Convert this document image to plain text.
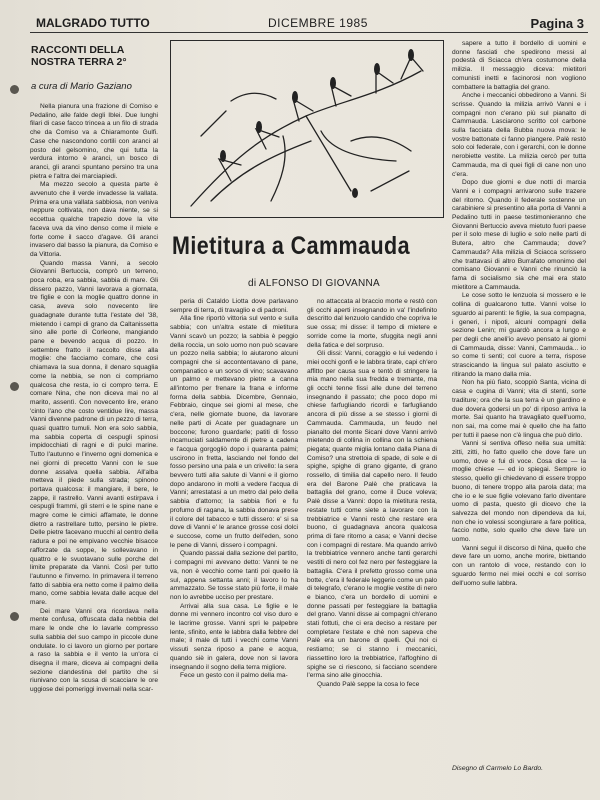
MALGRADO TUTTO	DICEMBRE 1985	Pagina 3
RACCONTI DELLA
NOSTRA TERRA 2°
a cura di Mario Gaziano
Mietitura a Cammauda
di ALFONSO DI GIOVANNA

Nella pianura una frazione di Comiso e Pedalino, alle falde degli Iblei. Due lunghi filari di case facco trincea a un filo di strada che da Comiso va a Chiaramonte Gulfi. Case che nascondono cortili con aranci al posto del gelsomino, che qui tutta la verdura intorno è aranci, un bosco di aranci, gli aranci spuntano persino tra una pietra e l'altra dei marciapiedi.

Ma mezzo secolo a questa parte è avvenuto che il verde invadesse la vallata. Prima era una vallata sabbiosa, non veniva neppure coltivata, non dava niente, se si eccettua qualche trapezio dove la vite faceva uva da vino denso come il miele e forte come il sacco d'agave. Gli aranci invasero dal basso la pianura, da Comiso e da Vittoria.

Quando massa Vanni, a secolo Giovanni Bertuccia, comprò un terreno, poca roba, era sabbia, sabbia di mare. Gli dissero pazzo, Vanni lavorava a giornata, tre figlie e con la moglie quattro donne in casa, aveva solo novecento lire guadagnate durante tutta l'estate del '38, mietendo i campi di grano da Caltanissetta sino alle porte di Corleone, mangiando pane e bevendo acqua di pozzo. In settembre fratto il raccolto disse alla moglie: che facciamo comare, che cosi chiamava la sua donna, il denaro squaglia come la nebbia, se non ci compriamo qualcosa che resta, io ci compro terra. E comare Nina, che non diceva mai no al marito, assentì. Con novecento lire, erano 'cinto l'ano che costo ventidue lire, massa Vanni divenne padrone di un pezzo di terra, quasi quattro tumuli. Non era solo sabbia, ma sabbia coperta di cespugli spinosi impidocchiati di ragni e di pulci marine. Tutto l'autunno e l'inverno ogni domenica e nei giorni di precetto Vanni con le sue donne assalva quella sabbia. All'alba metteva il piede sulla strada; spinono portava qualcosa: il mangiare, il bere, le zappe, il rastrello. Vanni avanti estirpava i cespugli frammi, gli sterri e le spine nane e magre come le cimici affamate, le donne dietro a rastrellare tutto, persino le pietre. Delle pietre facevano mucchi al centro della radura e poi ne empivano vecchie bisacce rafforzate da soppe, le sollevavano in quattro e le svuotavano sulle porche del limite preparate da Vanni. Così per tutto l'autunno e l'inverno. In primavera il terreno fatto di sabbia era netto come il palmo della mano, come sabbia levata dalle acque del mare.

Dei mare Vanni ora ricordava nella mente confusa, offuscata dalla nebbia del mare le onde che lo lavarle compresso sulla sabbia del suo campo in piccole dune ondulate. Io ci lavoro un giorno per portare a raso la sabbia e il vento la un'ora ci disegna il mare, diceva ai compagni della sezione clandestina del partito che si riunivano con la scusa di scacciare le ore uggiose dei pomeriggi invernali nella scar-

peria di Cataldo Liotta dove parlavano sempre di terra, di travaglio e di padroni.

Alla fine riportò vittoria sul vento e sulla sabbia; con un'altra estate di mietitura Vanni scavò un pozzo; la sabbia è peggio della roccia, un solo uomo non può scavare un pozzo nella sabbia; lo aiutarono alcuni compagni che si accontentavano di pane, companatico e un sorso di vino; scavavano un palmo e mettevano pietre a canna all'intorno per frenare la frana e informe forma della sabbia. Dicembre, Gennaio, Febbraio, cinque sei giorni al mese, che c'era, nelle giornate buone, da lavorare nelle parti di Acate per guadagnare un boccone; furono guardarle; patiti di fosso incamuciati saldamente di pietre a cadena e l'acqua gorgogliò dopo i quaranta palmi; uscirono in fretta, lasciando nel fondo del fosso persino una pala e un crivello: la sera bevvero tutti alla salute di Vanni e il giorno dopo andarono in molti a vedere l'acqua di Vanni; arrestatasi a un metro dal pelo della sabbia d'attorno; la sabbia fiori e fu profumo di ragana, la sabbia donava prese il colore del tabacco e tutti dissero: e' si sa dove di Vanni e' le arance grosse cosi dolci e succose, come un frutto dell'eden, sono le pene di Vanni, dissero i compagni.

Quando passai dalla sezione del partito, i compagni mi avevano detto: Vanni te ne va, non è vecchio come tanti poi quello là sul, appena settanta anni; il lavoro lo ha ammazzato. Se tosse stato più forte, il male non lo avrebbe ucciso per prestare.

Arrivai alla sua casa. Le figlie e le donne mi vennero incontro col viso duro e le lacrime grosse. Vanni spri le palpebre lente, sfinito, ente le labbra dalla febbre del male; il male di tutti i vecchi come Vanni vissuti senza riposo a pane e acqua, quando siè in galera, dove non si lavora insegnando il sogno della terra migliore.

Fece un gesto con il palmo della ma-

no attaccata al braccio morte e restò con gli occhi aperti insegnando in va' l'indefinito descritto dal lenzuolo candido che copriva le sue ossa; mi disse: il tempo di mietere e sorride come la morte, sfuggita negli anni della fatica e del sorpruso.

Gli dissi: Vanni, coraggio e lui vedendo i miei occhi gonfi e le labbra tirate, capi ch'ero affitto per causa sua e tentò di stringere la mia mano nella sua fredda e tremante, ma gli occhi tenne fissi alle dune del terreno insegnando il passato; che poco dopo mi chiese farfugliando ricordi e farfugliando ancora di più disse a se stesso i giorni di Cammauda. Cammauda, un feudo nel pianalto del monte Sicani dove Vanni arrivò mietendo di collina in collina con la schiena piegata; quante miglia lontano dalla Piana di Comiso? una strettoia di spade, di sole e di spighe, spighe di grano gigante, di grano rossello, di timilia dal capello nero. Il feudo era del Barone Palè che praticava la battaglia del grano, come il Duce voleva; Palè disse a Vanni: dopo la mietitura resta, restate tutti come siete a lavorare con la trebbiatrice e Vanni restò che restare era buono, ci guadagnava ancora qualcosa prima di fare ritorno a casa; e Vanni decise con i compagni di restare. Ma quando arrivò la trebbiatrice vennero anche tanti gerarchi vestiti di nero col fez nero per festeggiare la battaglia. C'era il prefetto grosso come una botte, c'era il federale leggerio come un palo di telegrafo, c'erano le moglie vestite di nero e bianco, c'era un bordello di uomini e donne passati per festeggiare la battaglia del grano. Vanni disse ai compagni ch'erano stati fottuti, che ci era deciso a restare per completare l'estate e chè non sapeva che Palè era un barone di quelli. Qui noi ci restiamo; se ci stanno i meccanici, riassettino loro la trebbiatrice, l'affoghino di spighe se ci riescono, si facciano scendere l'erma sino alle ginocchia.

Quando Palè seppe la cosa lo fece

sapere a tutto il bordello di uomini e donne fasciati che spedirono messi al podestà di Sciacca ch'era costumone della milizia. Il messaggio diceva: mietitori comunisti inetti e facinorosi non vogliono combattere la battaglia del grano.

Anche i meccanici obbedirono a Vanni. Si scrisse. Quando la milizia arrivò Vanni e i compagni non c'erano più sul pianalto di Cammauda. Lasciarono scritto col carbone sulla facciata della Bubba nuova mova: le vostre battonate ci fanno piangere. Palè restò solo coi federale, con i gerarchi, con le donne nerobiette vestite. La milizia cercò per tutta Cammauda, ma di quei figli di cane non uno c'era.

Dopo due giorni e due notti di marcia Vanni e i compagni arrivarono sulle trazere del ritorno. Quando il federale sostenne un carabiniere si presentino alla porta di Vanni a Pedalino tutti in paese testimonieranno che Giovanni Bertuccio aveva mietuto fuori paese per il solo mese di luglio e solo nelle parti di Butera, altro che Cammauda; dove? Cammauda? Alla milizia di Sciacca scrissero che trattavasi di altro Burrafato omonimo del comisano Giovanni e Vanni che rinunciò la fama di socialismo sia che mai era stato mietitore a Cammauda.

Le cose sotto le lenzuola si mossero e le collina di gualcarono tutte. Vanni volse lo sguardo ai parenti: le figlie, la sua compagna, i generi, i nipoti, alcuni compagni della sezione Lenin; mi guardò ancora a lungo e per degli che aneli'io avevo pensato ai giorni di Cammauda, disse: Vanni, Cammauda... io so come ti senti; col cuore a terra, rispose strascicando la lingua sul palato asciutto e ritirando la mano dalla mia.

Non ha più fiato, scoppiò Santa, vicina di casa e cugina di Vanni; vita di stenti, sorte traditure; ora che la sua terra è un giardino e due dovera godersi un po' di riposo arriva la morte. Sai quanto ha travagliato quell'uomo, non sai, ma come mai è quello che ha fatto per tutti il paese non c'è lingua che può dirlo.

Vanni si sentiva offeso nella sua umiltà: zitti, zitti, ho fatto quello che dove fare un uomo, dove e fui di voce. Cosa dice — la moglie chiese — ed io spiegai. Sempre io stesso, quello gli chiedevano di essere troppo buono, di tenere troppo alla parola data; ma che io e le sue figlie volevano farlo diventare uomo di pasta, questo gli dicevo che la salvezza del mondo non dipendeva da lui, non che io volessi scongiurare a fare politica, faccio notte, solo quello che deve fare un uomo.

Vanni seguì il discorso di Nina, quello che deve fare un uomo, anche morire, biettando con un rantolo di voce, restando con lo sguardo fermo nei miei occhi e col sorriso dell'uomo sulle labbra.

Disegno di Carmelo Lo Bardo.
